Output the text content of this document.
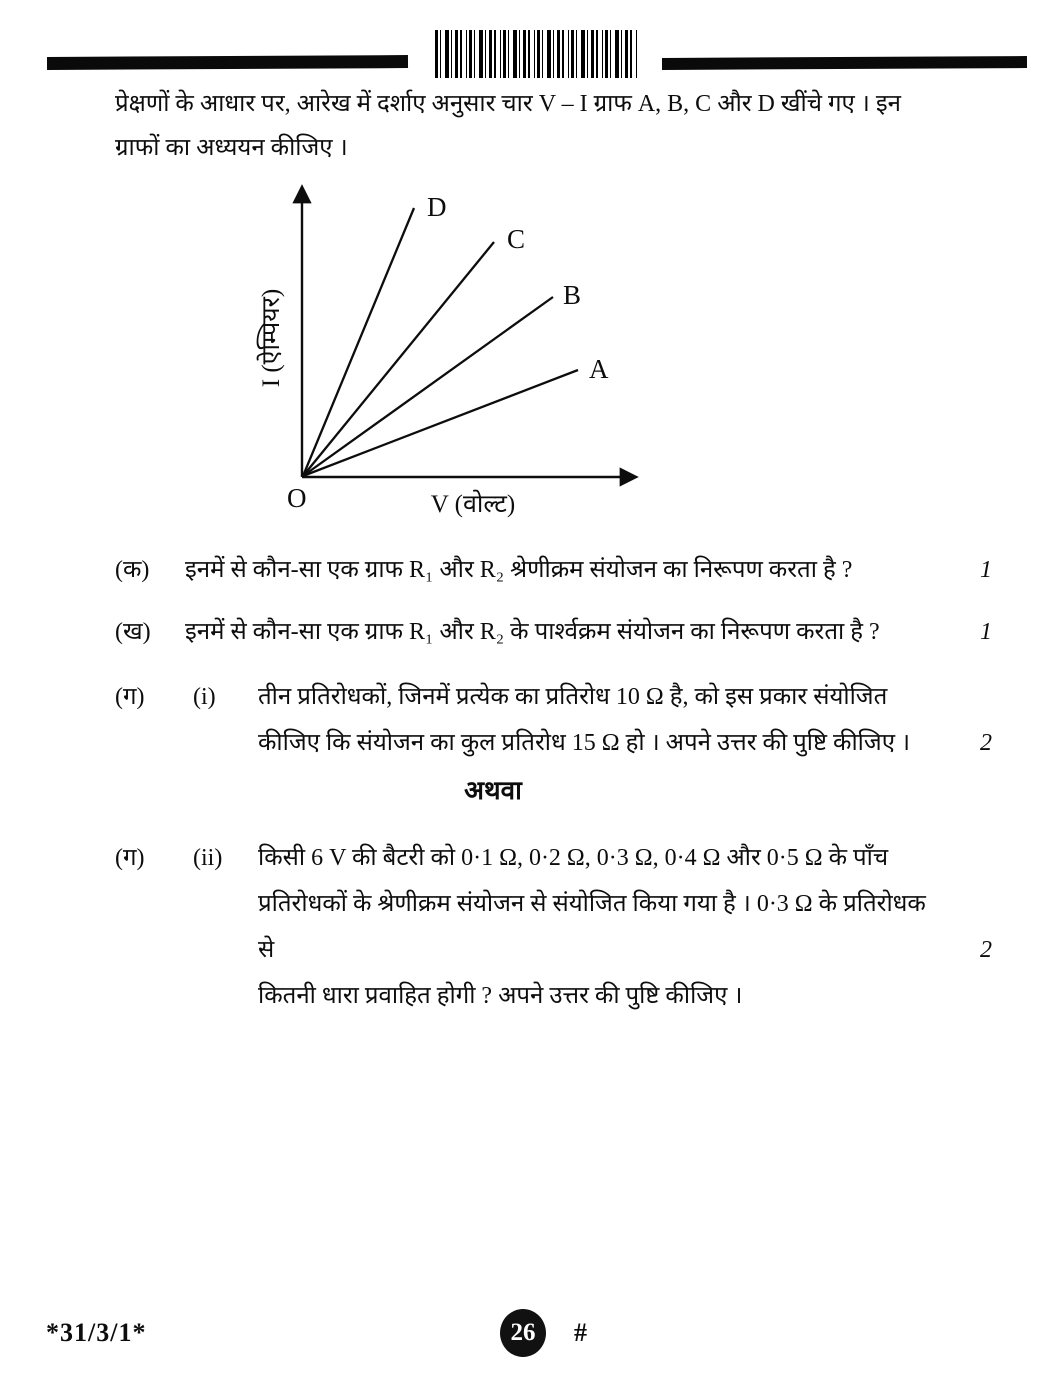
प्रेक्षणों के आधार पर, आरेख में दर्शाए अनुसार चार V – I ग्राफ A, B, C और D खींचे गए । इन
ग्राफों का अध्ययन कीजिए ।
D
C
B
A
O	V (वोल्ट)
I (ऐम्पियर)
(क) इनमें से कौन-सा एक ग्राफ R₁ और R₂ श्रेणीक्रम संयोजन का निरूपण करता है ?	1
(ख) इनमें से कौन-सा एक ग्राफ R₁ और R₂ के पार्श्वक्रम संयोजन का निरूपण करता है ?	1
(ग) (i) तीन प्रतिरोधकों, जिनमें प्रत्येक का प्रतिरोध 10 Ω है, को इस प्रकार संयोजित
कीजिए कि संयोजन का कुल प्रतिरोध 15 Ω हो । अपने उत्तर की पुष्टि कीजिए ।	2
अथवा
(ग) (ii) किसी 6 V की बैटरी को 0·1 Ω, 0·2 Ω, 0·3 Ω, 0·4 Ω और 0·5 Ω के पाँच
प्रतिरोधकों के श्रेणीक्रम संयोजन से संयोजित किया गया है । 0·3 Ω के प्रतिरोधक से
कितनी धारा प्रवाहित होगी ? अपने उत्तर की पुष्टि कीजिए ।
2
*31/3/1*	26 #
